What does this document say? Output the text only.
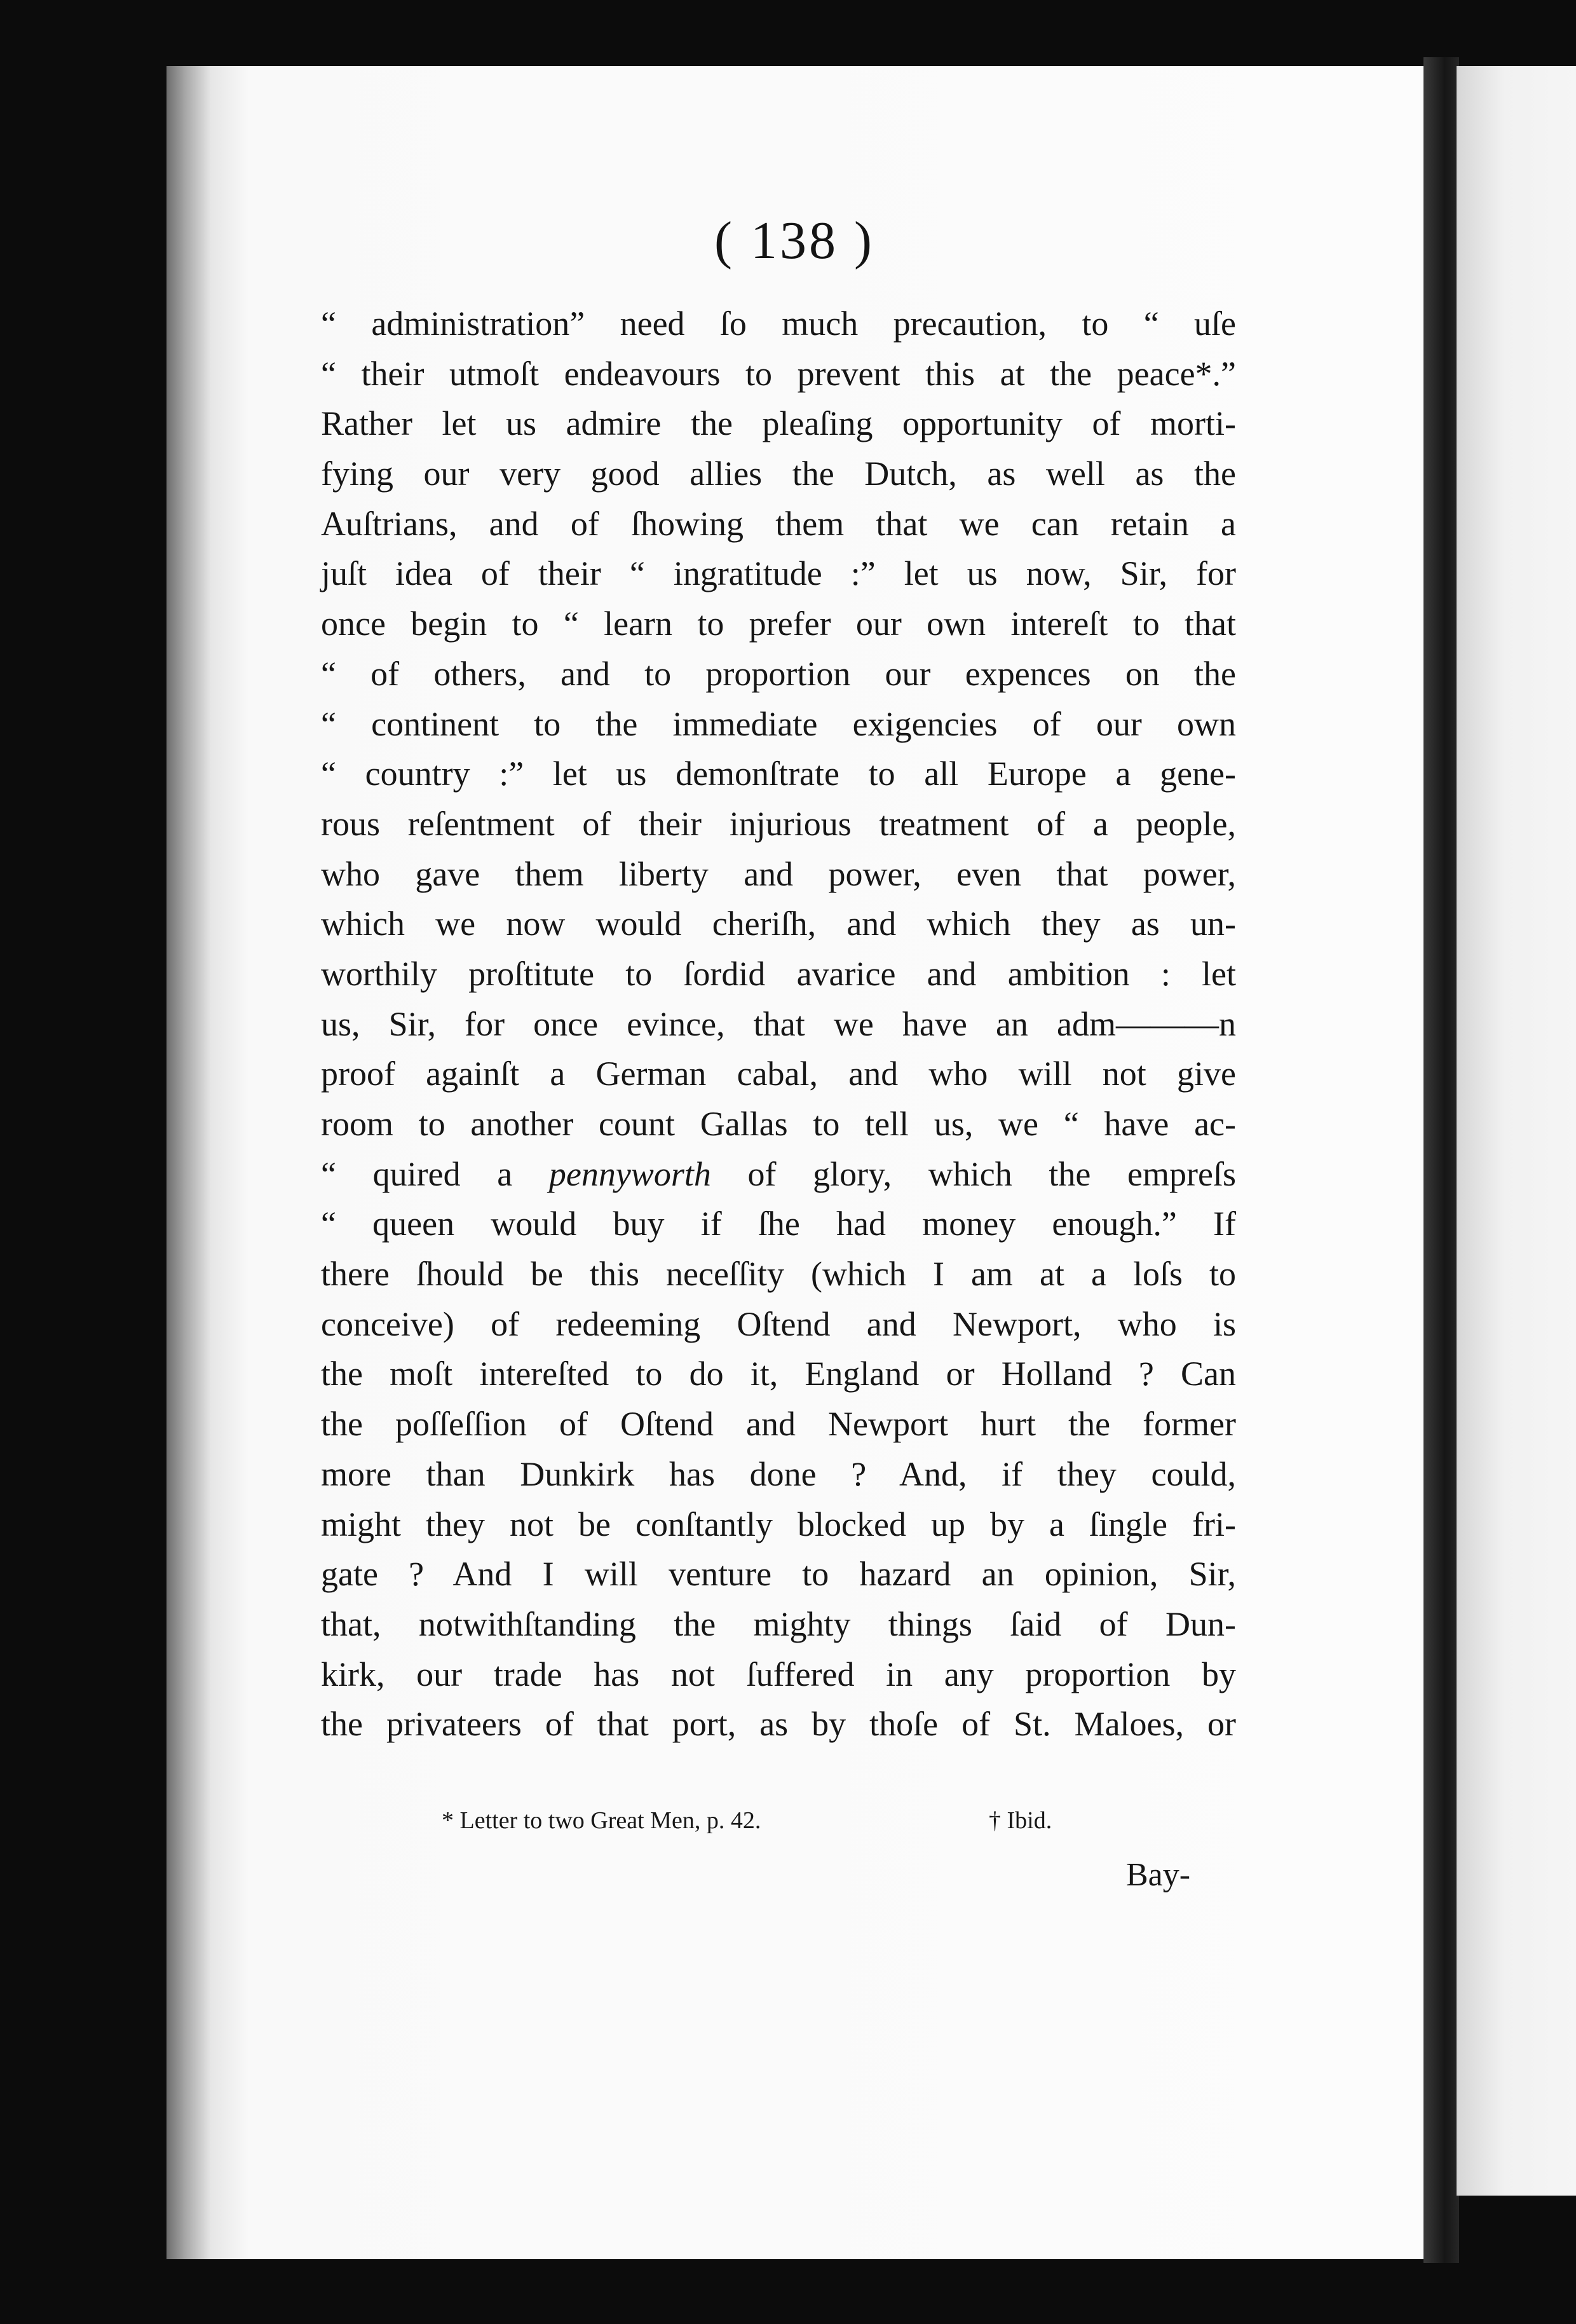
( 138 )
“ administration” need ſo much precaution, to “ uſe
“ their utmoſt endeavours to prevent this at the peace*.”
Rather let us admire the pleaſing opportunity of morti-
fying our very good allies the Dutch, as well as the
Auſtrians, and of ſhowing them that we can retain a
juſt idea of their “ ingratitude :” let us now, Sir, for
once begin to “ learn to prefer our own intereſt to that
“ of others, and to proportion our expences on the
“ continent to the immediate exigencies of our own
“ country :” let us demonſtrate to all Europe a gene-
rous reſentment of their injurious treatment of a people,
who gave them liberty and power, even that power,
which we now would cheriſh, and which they as un-
worthily proſtitute to ſordid avarice and ambition : let
us, Sir, for once evince, that we have an adm———n
proof againſt a German cabal, and who will not give
room to another count Gallas to tell us, we “ have ac-
“ quired a pennyworth of glory, which the empreſs
“ queen would buy if ſhe had money enough.” If
there ſhould be this neceſſity (which I am at a loſs to
conceive) of redeeming Oſtend and Newport, who is
the moſt intereſted to do it, England or Holland ? Can
the poſſeſſion of Oſtend and Newport hurt the former
more than Dunkirk has done ? And, if they could,
might they not be conſtantly blocked up by a ſingle fri-
gate ? And I will venture to hazard an opinion, Sir,
that, notwithſtanding the mighty things ſaid of Dun-
kirk, our trade has not ſuffered in any proportion by
the privateers of that port, as by thoſe of St. Maloes, or
* Letter to two Great Men, p. 42.	† Ibid.
Bay-
